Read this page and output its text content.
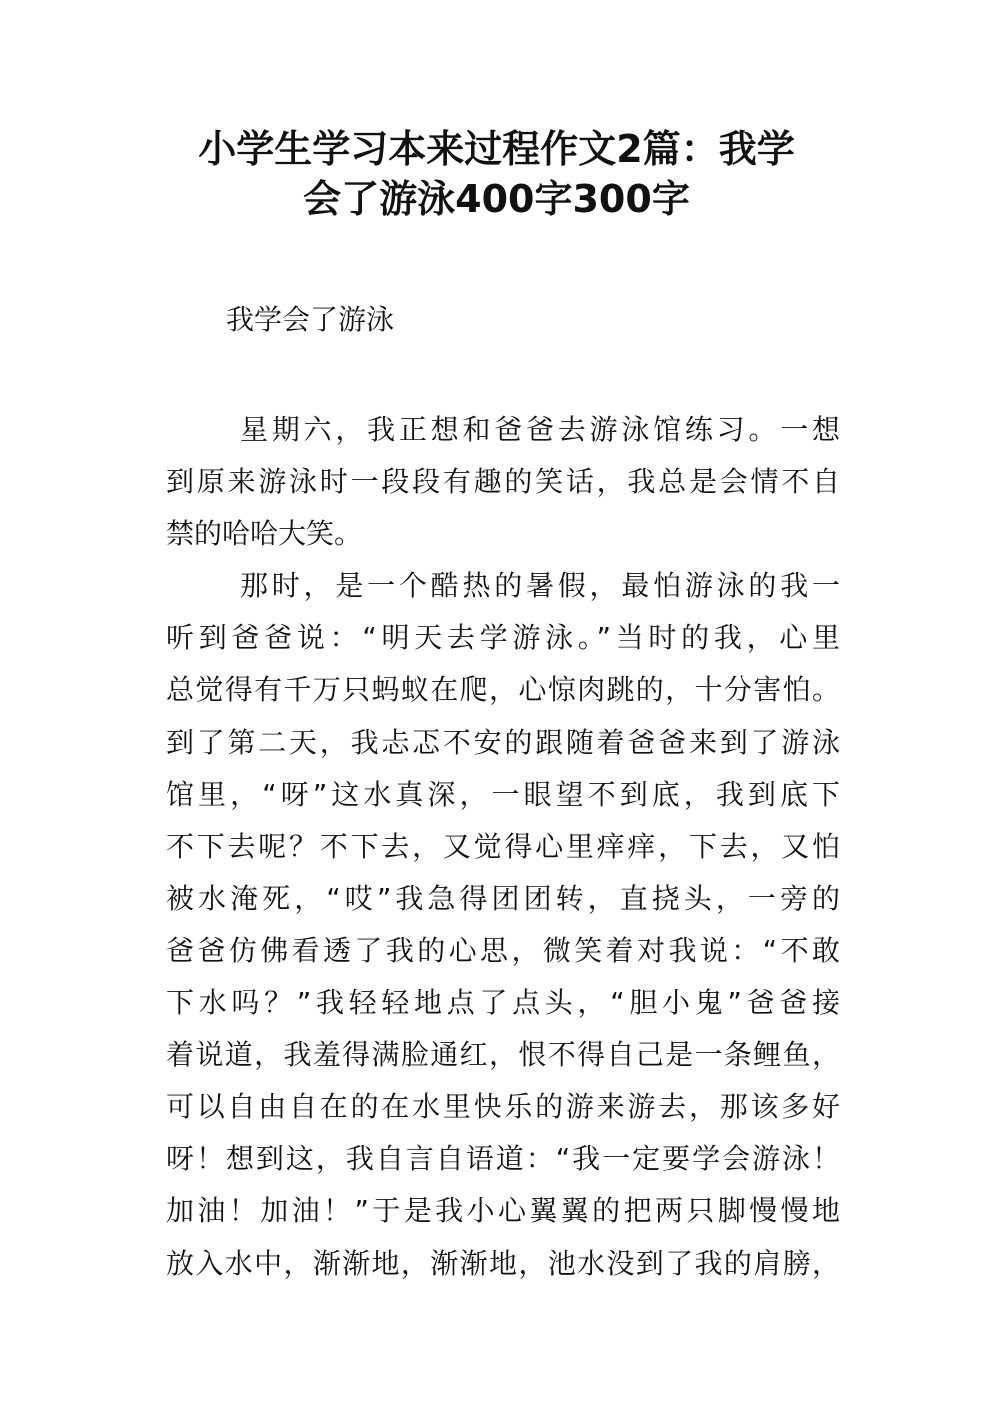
小学生学习本来过程作文2篇：我学
会了游泳400字300字
我学会了游泳
星期六，我正想和爸爸去游泳馆练习。一想
到原来游泳时一段段有趣的笑话，我总是会情不自
禁的哈哈大笑。
那时，是一个酷热的暑假，最怕游泳的我一
听到爸爸说：“明天去学游泳。”当时的我，心里
总觉得有千万只蚂蚁在爬，心惊肉跳的，十分害怕。
到了第二天，我忐忑不安的跟随着爸爸来到了游泳
馆里，“呀”这水真深，一眼望不到底，我到底下
不下去呢？不下去，又觉得心里痒痒，下去，又怕
被水淹死，“哎”我急得团团转，直挠头，一旁的
爸爸仿佛看透了我的心思，微笑着对我说：“不敢
下水吗？”我轻轻地点了点头，“胆小鬼”爸爸接
着说道，我羞得满脸通红，恨不得自己是一条鲤鱼，
可以自由自在的在水里快乐的游来游去，那该多好
呀！想到这，我自言自语道：“我一定要学会游泳！
加油！加油！”于是我小心翼翼的把两只脚慢慢地
放入水中，渐渐地，渐渐地，池水没到了我的肩膀，
